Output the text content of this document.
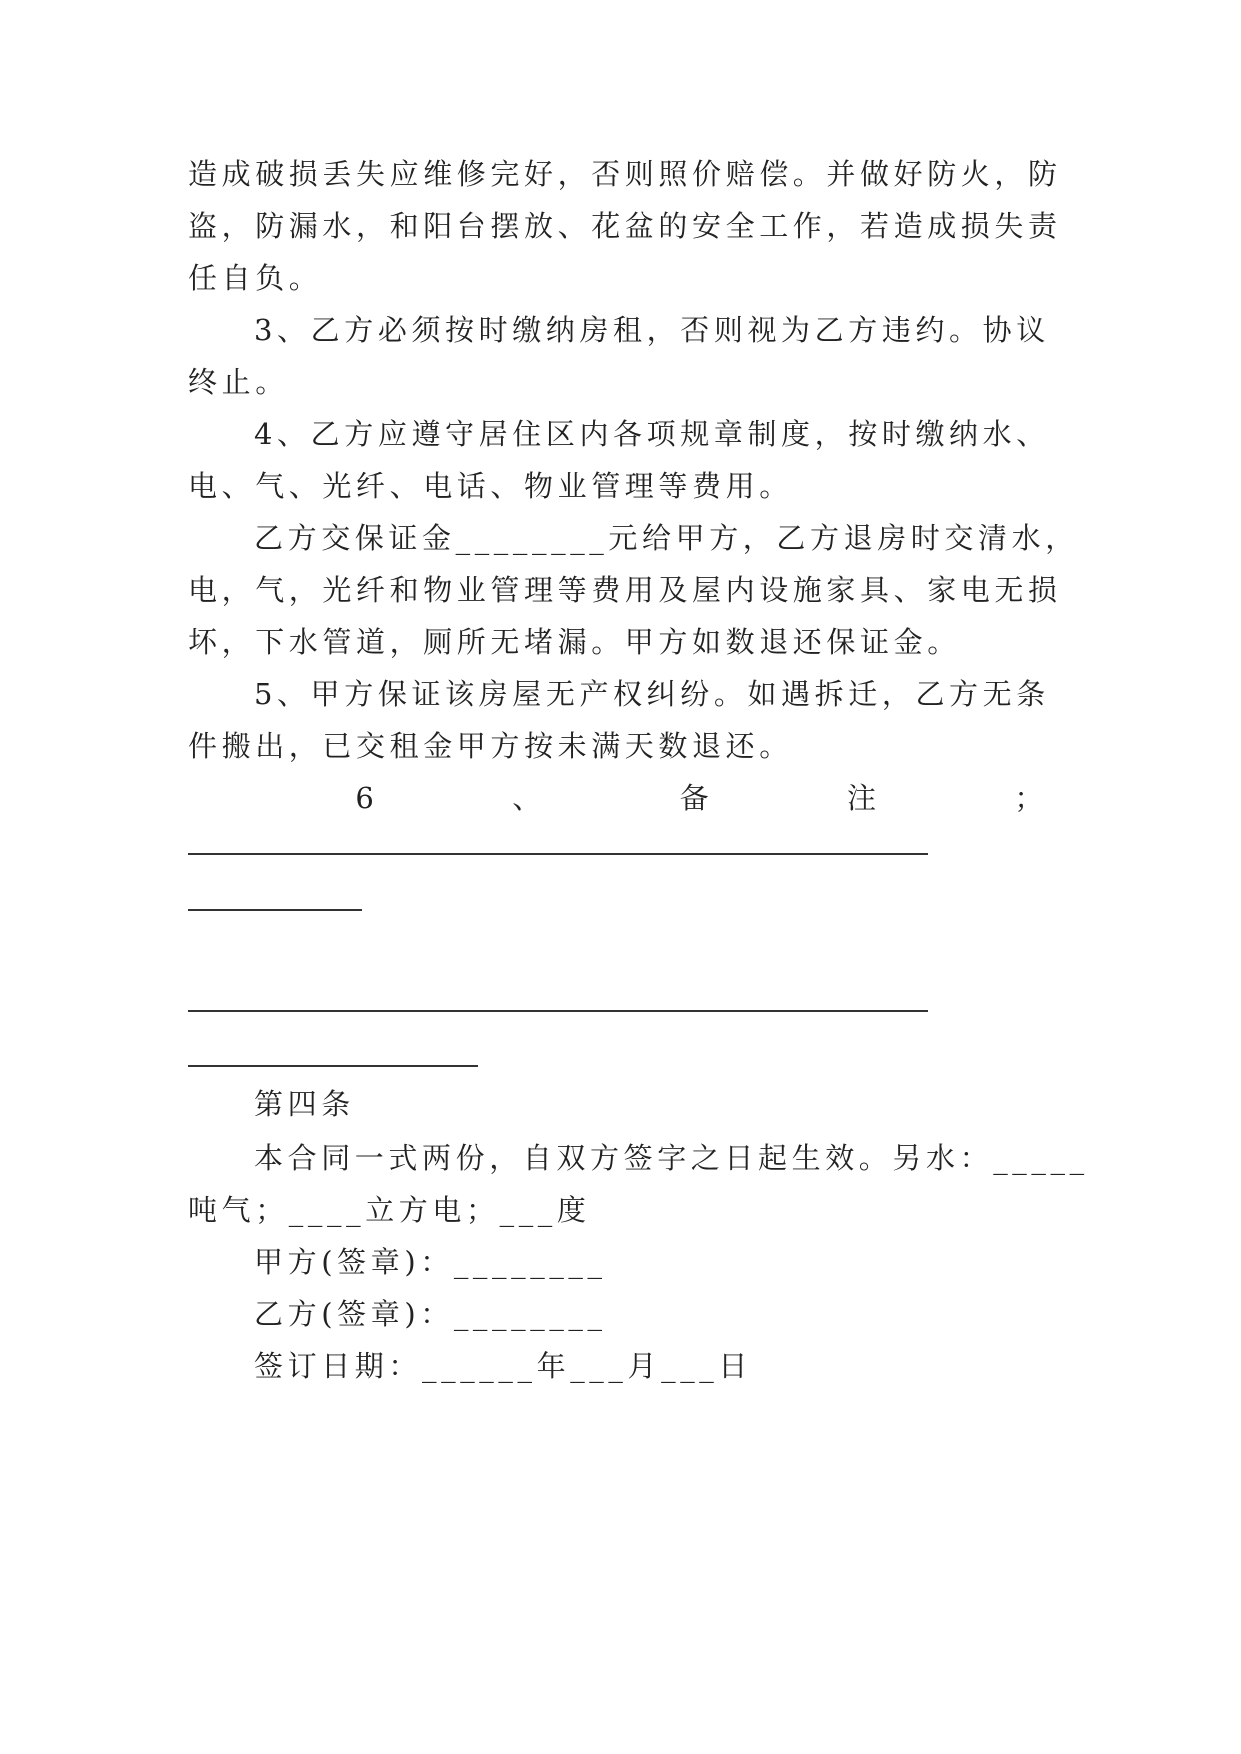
造成破损丢失应维修完好，否则照价赔偿。并做好防火，防
盗，防漏水，和阳台摆放、花盆的安全工作，若造成损失责
任自负。
3、乙方必须按时缴纳房租，否则视为乙方违约。协议
终止。
4、乙方应遵守居住区内各项规章制度，按时缴纳水、
电、气、光纤、电话、物业管理等费用。
乙方交保证金________元给甲方，乙方退房时交清水，
电，气，光纤和物业管理等费用及屋内设施家具、家电无损
坏，下水管道，厕所无堵漏。甲方如数退还保证金。
5、甲方保证该房屋无产权纠纷。如遇拆迁，乙方无条
件搬出，已交租金甲方按未满天数退还。
6	、	备	注	；
第四条
本合同一式两份，自双方签字之日起生效。另水：_____
吨气；____立方电；___度
甲方(签章)：________
乙方(签章)：________
签订日期：______年___月___日
